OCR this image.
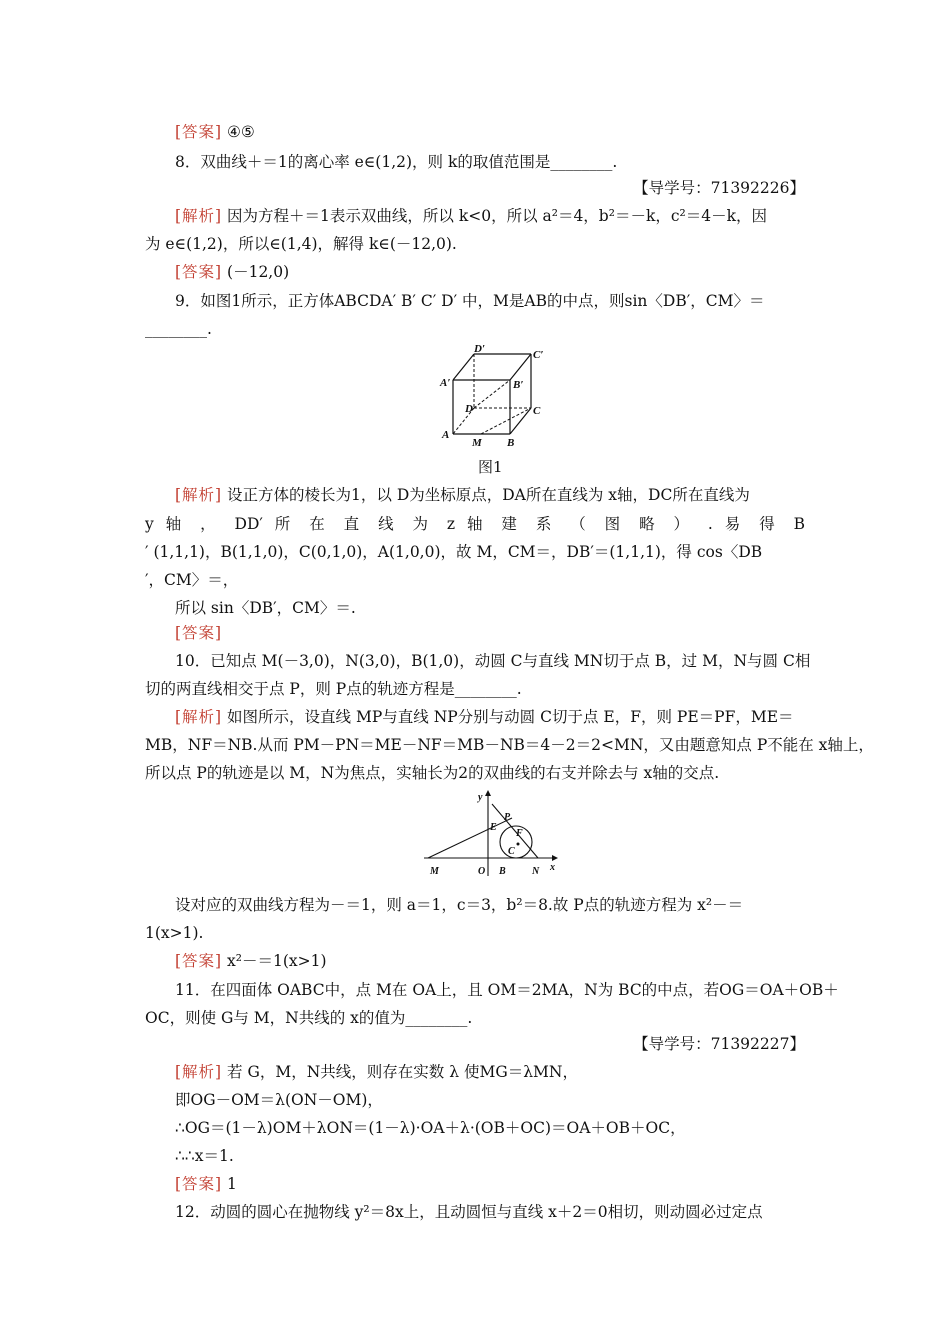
[答案] ④⑤
8．双曲线＋＝1的离心率 e∈(1,2)，则 k的取值范围是________.
【导学号：71392226】
[解析] 因为方程＋＝1表示双曲线，所以 k<0，所以 a²＝4，b²＝－k，c²＝4－k，因
为 e∈(1,2)，所以∈(1,4)，解得 k∈(－12,0).
[答案] (－12,0)
9．如图1所示，正方体ABCDA′ B′ C′ D′ 中，M是AB的中点，则sin〈DB′，CM〉＝
________.
D′	C′
A′	B′
D	C
A
M B
图1
[解析] 设正方体的棱长为1，以 D为坐标原点，DA所在直线为 x轴，DC所在直线为
y 轴 ， DD′ 所 在 直 线 为 z 轴 建 系 （ 图 略 ） . 易 得 B
′ (1,1,1)，B(1,1,0)，C(0,1,0)，A(1,0,0)，故 M，CM＝，DB′＝(1,1,1)，得 cos〈DB
′，CM〉＝，
所以 sin〈DB′，CM〉＝.
[答案]
10．已知点 M(－3,0)，N(3,0)，B(1,0)，动圆 C与直线 MN切于点 B，过 M，N与圆 C相
切的两直线相交于点 P，则 P点的轨迹方程是________.
[解析] 如图所示，设直线 MP与直线 NP分别与动圆 C切于点 E，F，则 PE＝PF，ME＝
MB，NF＝NB.从而 PM－PN＝ME－NF＝MB－NB＝4－2＝2<MN，又由题意知点 P不能在 x轴上，
所以点 P的轨迹是以 M，N为焦点，实轴长为2的双曲线的右支并除去与 x轴的交点.
y
x
P
E
F
C
M	O B	N
设对应的双曲线方程为－＝1，则 a＝1，c＝3，b²＝8.故 P点的轨迹方程为 x²－＝
1(x>1).
[答案] x²－＝1(x>1)
11．在四面体 OABC中，点 M在 OA上，且 OM＝2MA，N为 BC的中点，若OG＝OA＋OB＋
OC，则使 G与 M，N共线的 x的值为________.
【导学号：71392227】
[解析] 若 G，M，N共线，则存在实数 λ 使MG＝λMN，
即OG－OM＝λ(ON－OM)，
∴OG＝(1－λ)OM＋λON＝(1－λ)·OA＋λ·(OB＋OC)＝OA＋OB＋OC，
∴∴x＝1.
[答案] 1
12．动圆的圆心在抛物线 y²＝8x上，且动圆恒与直线 x＋2＝0相切，则动圆必过定点
